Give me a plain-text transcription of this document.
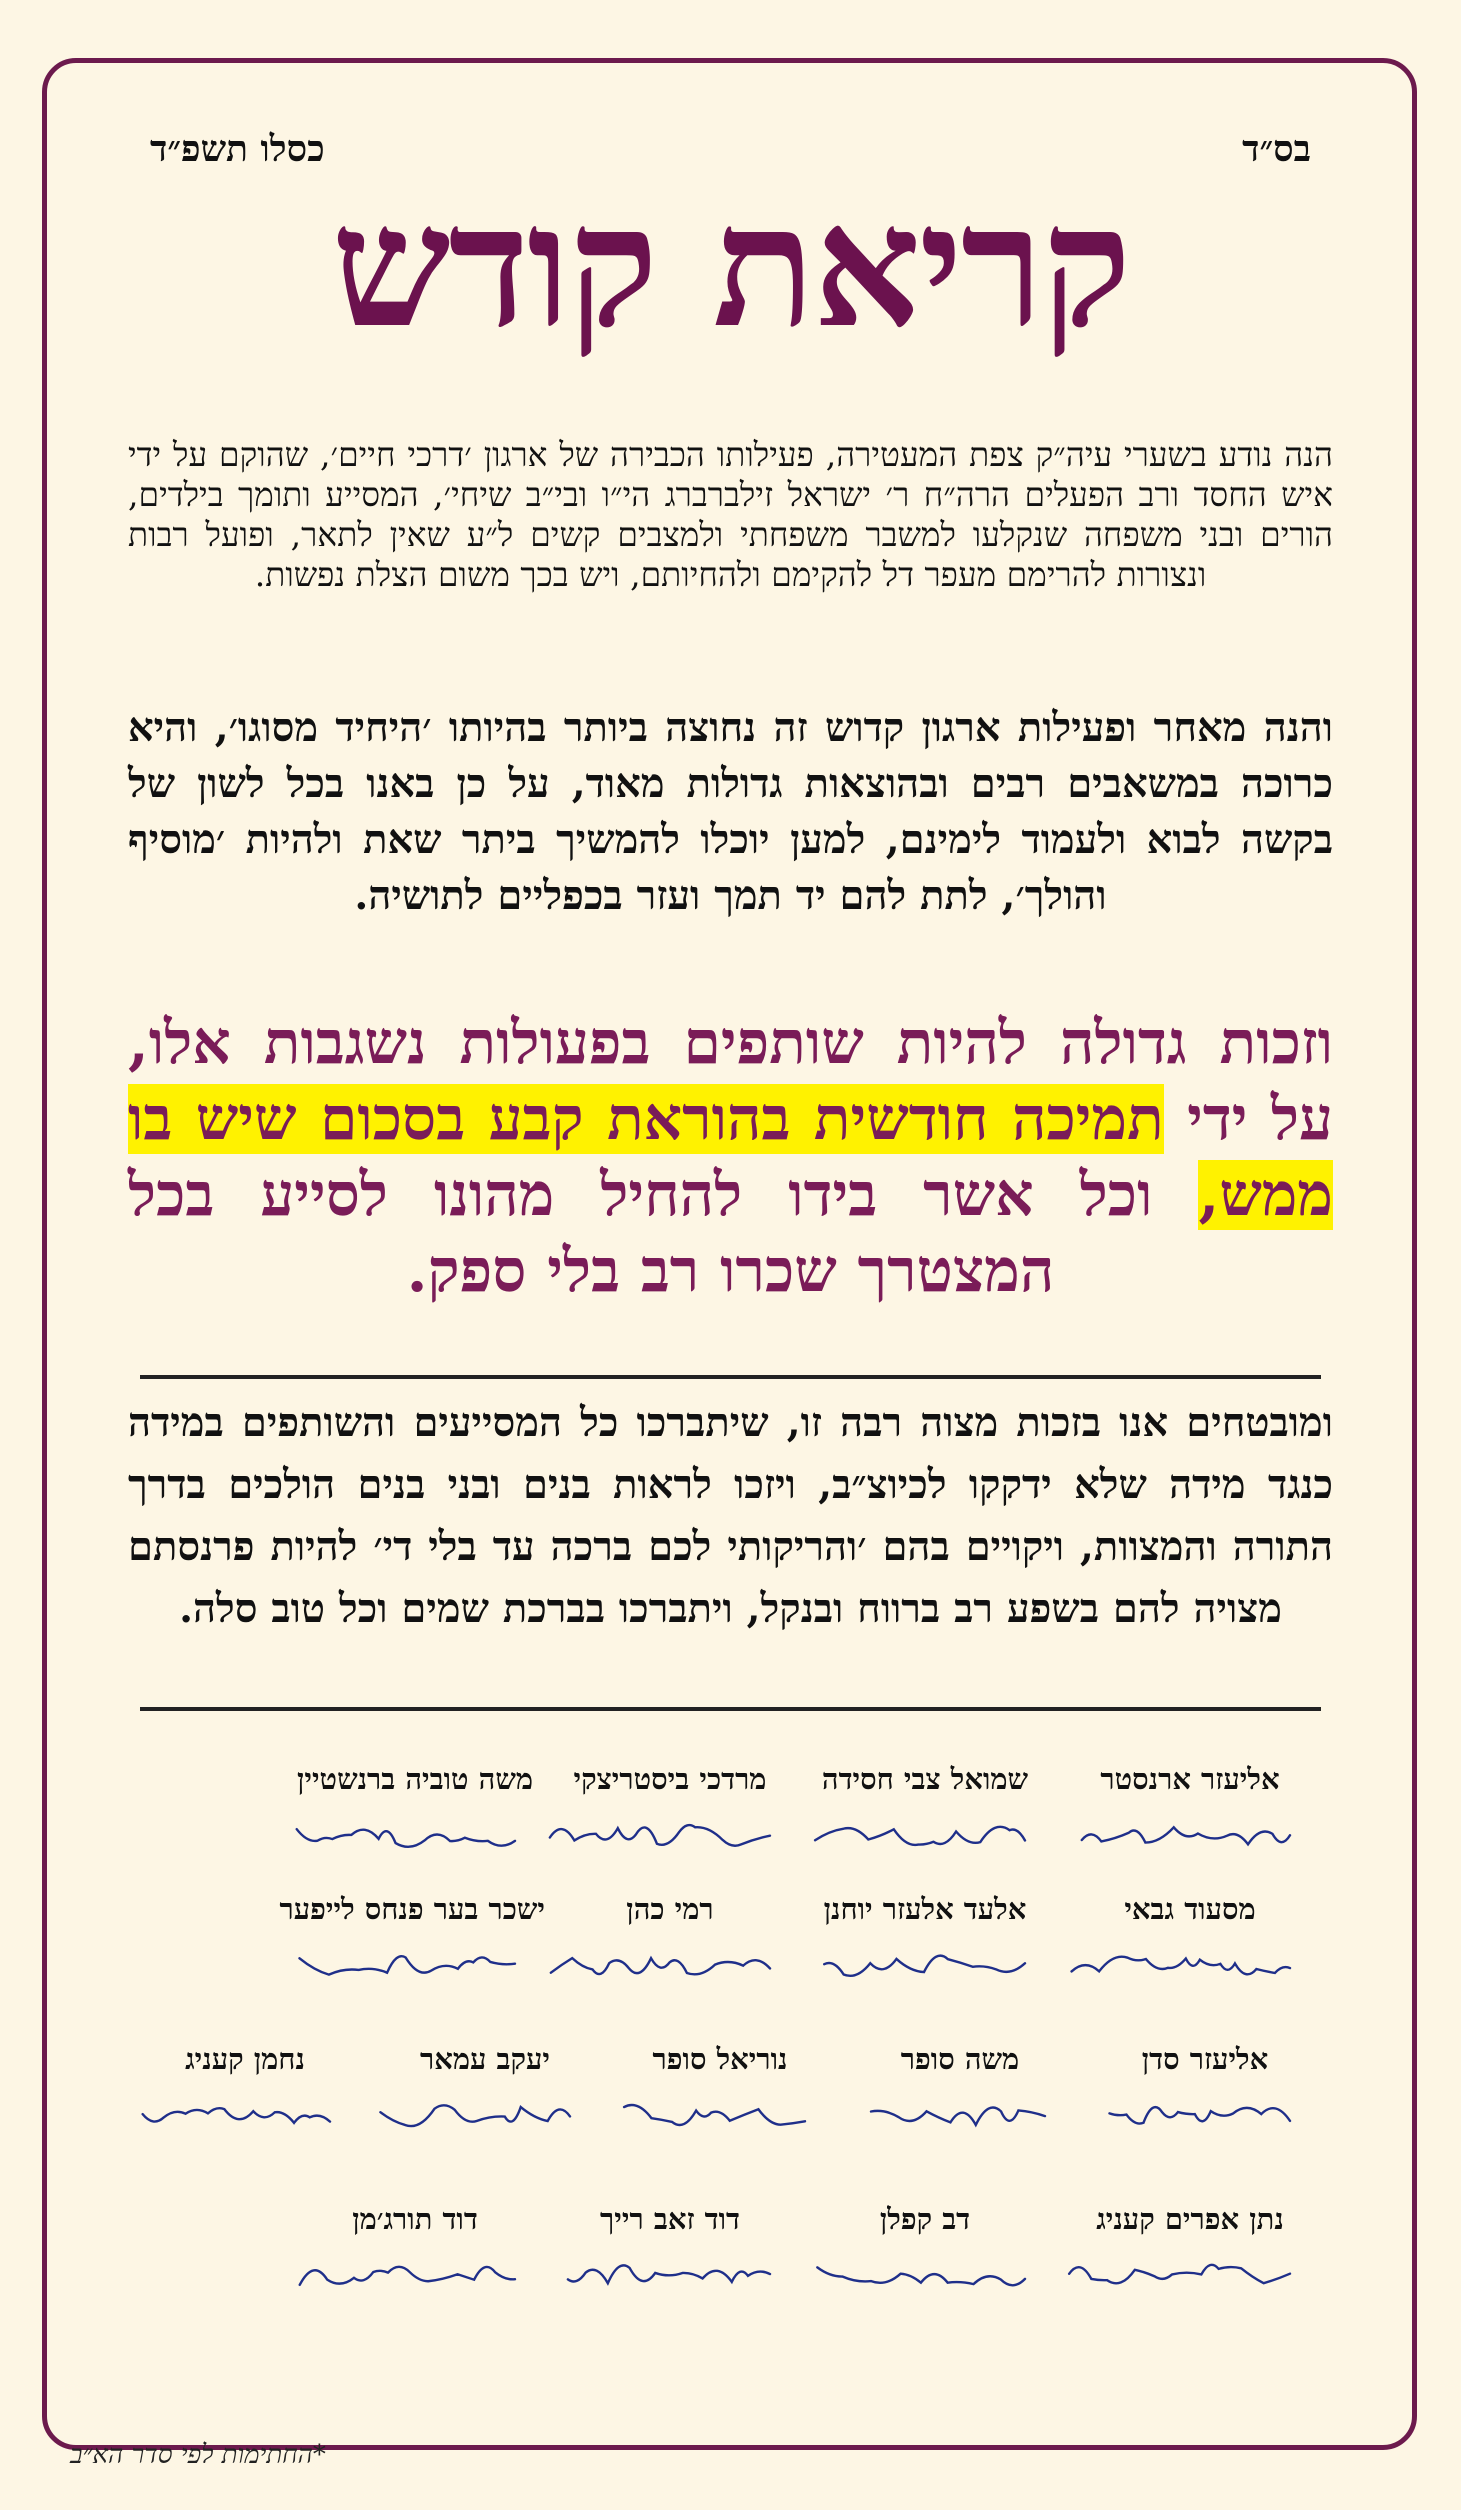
בס״ד
כסלו תשפ״ד
קריאת קודש
הנה נודע בשערי עיה״ק צפת המעטירה, פעילותו הכבירה של ארגון ׳דרכי חיים׳, שהוקם על ידי איש החסד ורב הפעלים הרה״ח ר׳ ישראל זילברברג הי״ו ובי״ב שיחי׳, המסייע ותומך בילדים, הורים ובני משפחה שנקלעו למשבר משפחתי ולמצבים קשים ל״ע שאין לתאר, ופועל רבות ונצורות להרימם מעפר דל להקימם ולהחיותם, ויש בכך משום הצלת נפשות.
והנה מאחר ופעילות ארגון קדוש זה נחוצה ביותר בהיותו ׳היחיד מסוגו׳, והיא כרוכה במשאבים רבים ובהוצאות גדולות מאוד, על כן באנו בכל לשון של בקשה לבוא ולעמוד לימינם, למען יוכלו להמשיך ביתר שאת ולהיות ׳מוסיף והולך׳, לתת להם יד תמך ועזר בכפליים לתושיה.
וזכות גדולה להיות שותפים בפעולות נשגבות אלו, על ידי תמיכה חודשית בהוראת קבע בסכום שיש בו ממש, וכל אשר בידו להחיל מהונו לסייע בכל המצטרך שכרו רב בלי ספק.
ומובטחים אנו בזכות מצוה רבה זו, שיתברכו כל המסייעים והשותפים במידה כנגד מידה שלא ידקקו לכיוצ״ב, ויזכו לראות בנים ובני בנים הולכים בדרך התורה והמצוות, ויקויים בהם ׳והריקותי לכם ברכה עד בלי די׳ להיות פרנסתם מצויה להם בשפע רב ברווח ובנקל, ויתברכו בברכת שמים וכל טוב סלה.
אליעזר ארנסטר
שמואל צבי חסידה
מרדכי ביסטריצקי
משה טוביה ברנשטיין
מסעוד גבאי
אלעד אלעזר יוחנן
רמי כהן
ישכר בער פנחס לייפער
אליעזר סדן
משה סופר
נוריאל סופר
יעקב עמאר
נחמן קעניג
נתן אפרים קעניג
דב קפלן
דוד זאב רייך
דוד תורג׳מן
*החתימות לפי סדר הא״ב
